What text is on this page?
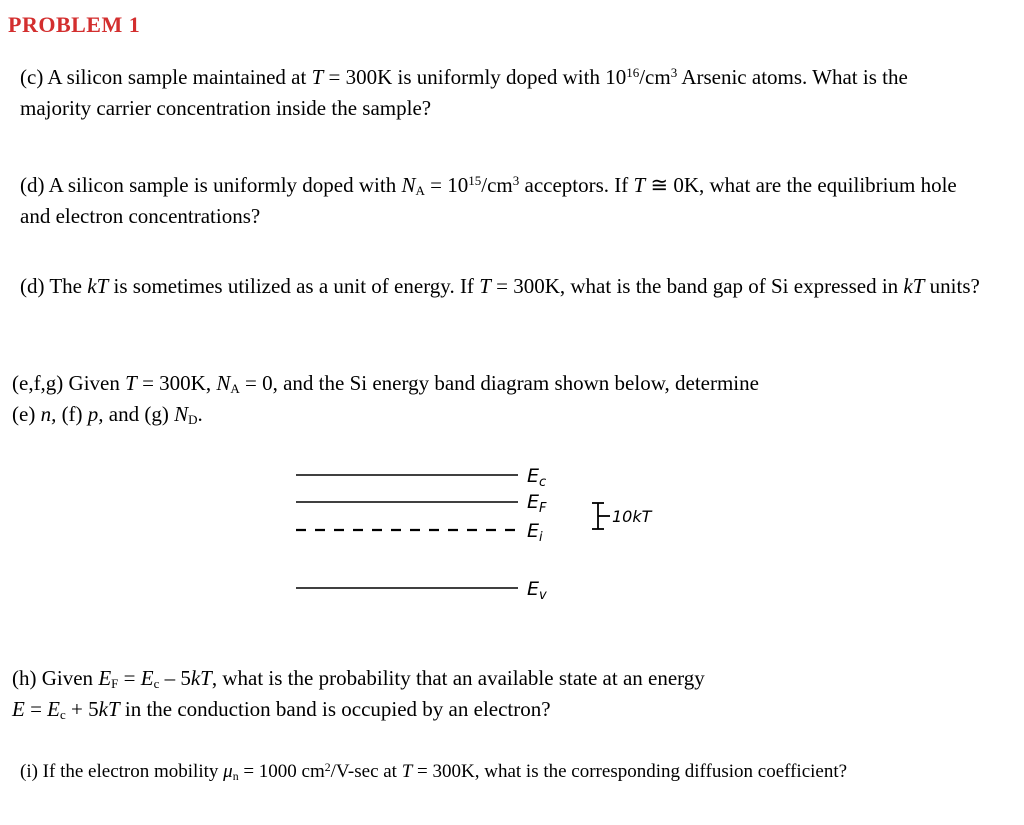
PROBLEM 1
(c) A silicon sample maintained at T = 300K is uniformly doped with $10^{16}/cm^3$ Arsenic atoms. What is the majority carrier concentration inside the sample?
(d) A silicon sample is uniformly doped with $N_A = 10^{15}/cm^3$ acceptors. If T ≅ 0K, what are the equilibrium hole and electron concentrations?
(d) The kT is sometimes utilized as a unit of energy. If T = 300K, what is the band gap of Si expressed in kT units?
(e,f,g) Given T = 300K, $N_A = 0$, and the Si energy band diagram shown below, determine
(e) n, (f) p, and (g) $N_D$.
$E_c$
$E_F$
$E_i$
$E_v$
10kT
(h) Given $E_F = E_c - 5kT$, what is the probability that an available state at an energy
$E = E_c + 5kT$ in the conduction band is occupied by an electron?
(i) If the electron mobility $\mu_n = 1000$ $cm^2/V-\sec$ at T = 300K, what is the corresponding diffusion coefficient?
